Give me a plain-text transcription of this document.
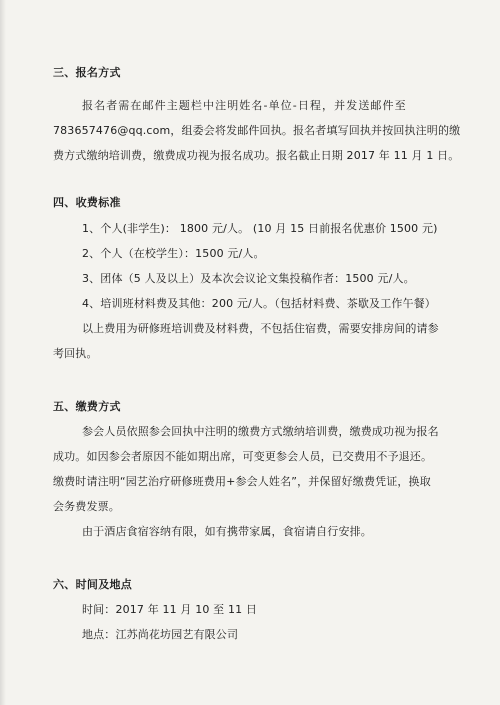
三、报名方式
报名者需在邮件主题栏中注明姓名-单位-日程，并发送邮件至
783657476@qq.com，组委会将发邮件回执。报名者填写回执并按回执注明的缴
费方式缴纳培训费，缴费成功视为报名成功。报名截止日期 2017 年 11 月 1 日。
四、收费标准
1、个人(非学生)： 1800 元/人。 (10 月 15 日前报名优惠价 1500 元)
2、个人（在校学生）：1500 元/人。
3、团体（5 人及以上）及本次会议论文集投稿作者：1500 元/人。
4、培训班材料费及其他：200 元/人。（包括材料费、茶歇及工作午餐）
以上费用为研修班培训费及材料费，不包括住宿费，需要安排房间的请参
考回执。
五、缴费方式
参会人员依照参会回执中注明的缴费方式缴纳培训费，缴费成功视为报名
成功。如因参会者原因不能如期出席，可变更参会人员，已交费用不予退还。
缴费时请注明“园艺治疗研修班费用+参会人姓名”，并保留好缴费凭证，换取
会务费发票。
由于酒店食宿容纳有限，如有携带家属，食宿请自行安排。
六、时间及地点
时间：2017 年 11 月 10 至 11 日
地点：江苏尚花坊园艺有限公司
